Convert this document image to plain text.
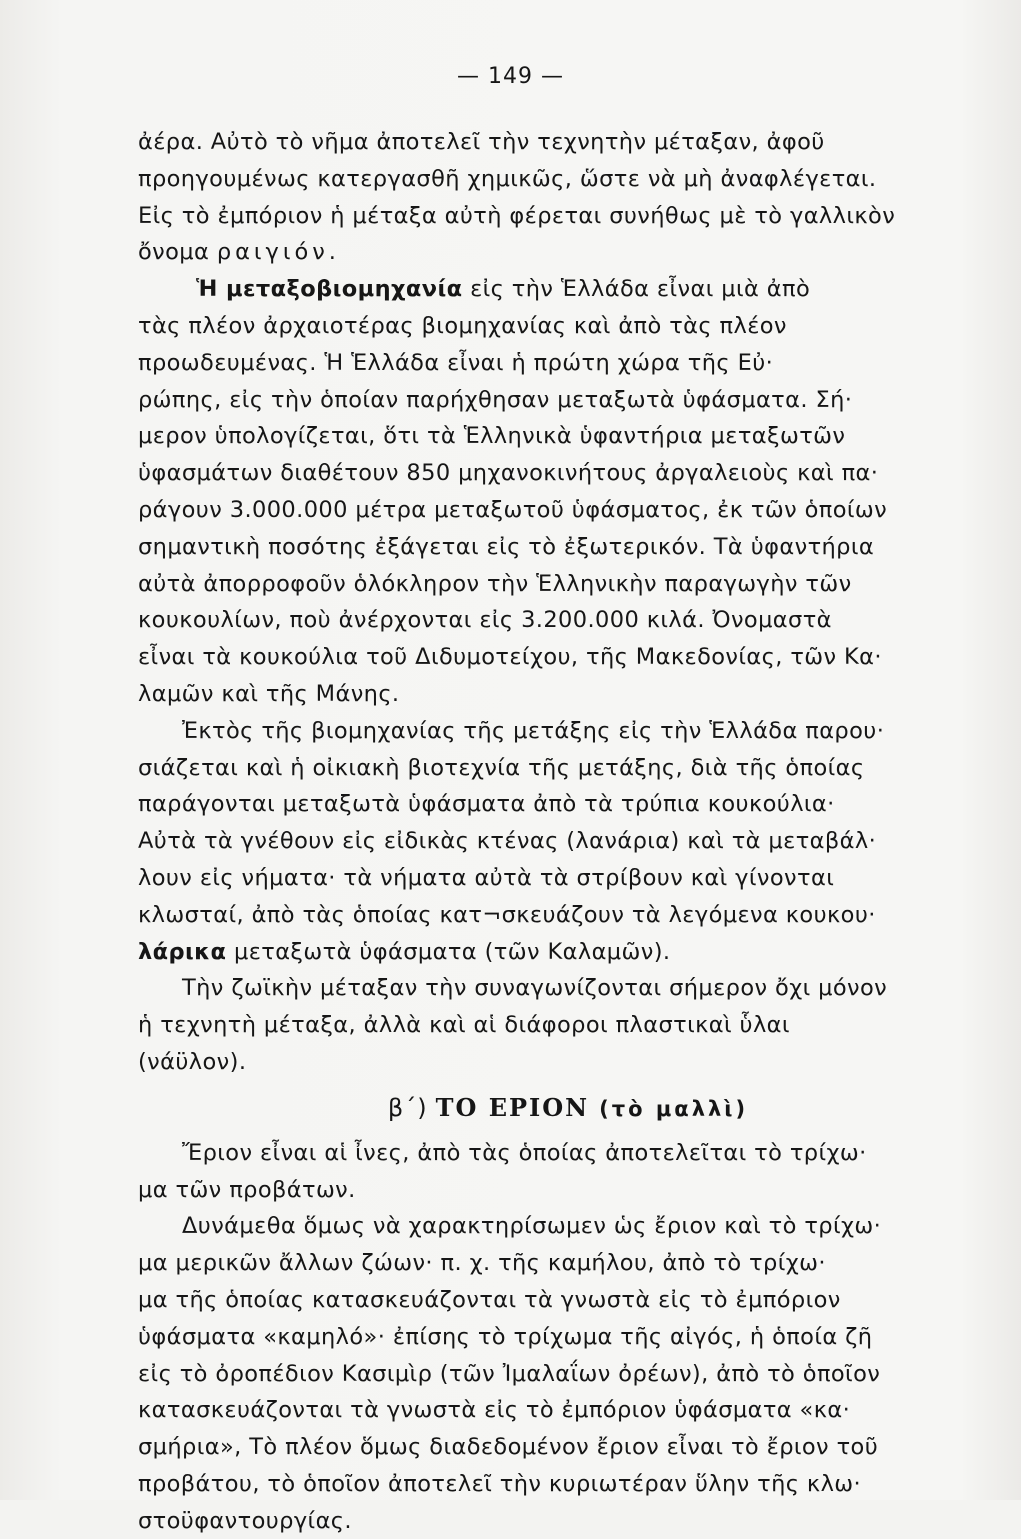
— 149 —
ἀέρα. Αὐτὸ τὸ νῆμα ἀποτελεῖ τὴν τεχνητὴν μέταξαν, ἀφοῦ
προηγουμένως κατεργασθῆ χημικῶς, ὥστε νὰ μὴ ἀναφλέγεται.
Εἰς τὸ ἐμπόριον ἡ μέταξα αὐτὴ φέρεται συνήθως μὲ τὸ γαλλικὸν
ὄνομα ραιγιόν.
Ἡ μεταξοβιομηχανία εἰς τὴν Ἑλλάδα εἶναι μιὰ ἀπὸ
τὰς πλέον ἀρχαιοτέρας βιομηχανίας καὶ ἀπὸ τὰς πλέον
προωδευμένας. Ἡ Ἑλλάδα εἶναι ἡ πρώτη χώρα τῆς Εὐ·
ρώπης, εἰς τὴν ὁποίαν παρήχθησαν μεταξωτὰ ὑφάσματα. Σή·
μερον ὑπολογίζεται, ὅτι τὰ Ἑλληνικὰ ὑφαντήρια μεταξωτῶν
ὑφασμάτων διαθέτουν 850 μηχανοκινήτους ἀργαλειοὺς καὶ πα·
ράγουν 3.000.000 μέτρα μεταξωτοῦ ὑφάσματος, ἐκ τῶν ὁποίων
σημαντικὴ ποσότης ἐξάγεται εἰς τὸ ἐξωτερικόν. Τὰ ὑφαντήρια
αὐτὰ ἀπορροφοῦν ὁλόκληρον τὴν Ἑλληνικὴν παραγωγὴν τῶν
κουκουλίων, ποὺ ἀνέρχονται εἰς 3.200.000 κιλά. Ὀνομαστὰ
εἶναι τὰ κουκούλια τοῦ Διδυμοτείχου, τῆς Μακεδονίας, τῶν Κα·
λαμῶν καὶ τῆς Μάνης.
Ἐκτὸς τῆς βιομηχανίας τῆς μετάξης εἰς τὴν Ἑλλάδα παρου·
σιάζεται καὶ ἡ οἰκιακὴ βιοτεχνία τῆς μετάξης, διὰ τῆς ὁποίας
παράγονται μεταξωτὰ ὑφάσματα ἀπὸ τὰ τρύπια κουκούλια·
Αὐτὰ τὰ γνέθουν εἰς εἰδικὰς κτένας (λανάρια) καὶ τὰ μεταβάλ·
λουν εἰς νήματα· τὰ νήματα αὐτὰ τὰ στρίβουν καὶ γίνονται
κλωσταί, ἀπὸ τὰς ὁποίας κατ¬σκευάζουν τὰ λεγόμενα κουκου·
λάρικα μεταξωτὰ ὑφάσματα (τῶν Καλαμῶν).
Τὴν ζωϊκὴν μέταξαν τὴν συναγωνίζονται σήμερον ὄχι μόνον
ἡ τεχνητὴ μέταξα, ἀλλὰ καὶ αἱ διάφοροι πλαστικαὶ ὗλαι
(νάϋλον).
β΄) ΤΟ ΕΡΙΟΝ (τὸ μαλλὶ)
Ἔριον εἶναι αἱ ἶνες, ἀπὸ τὰς ὁποίας ἀποτελεῖται τὸ τρίχω·
μα τῶν προβάτων.
Δυνάμεθα ὅμως νὰ χαρακτηρίσωμεν ὡς ἔριον καὶ τὸ τρίχω·
μα μερικῶν ἄλλων ζώων· π. χ. τῆς καμήλου, ἀπὸ τὸ τρίχω·
μα τῆς ὁποίας κατασκευάζονται τὰ γνωστὰ εἰς τὸ ἐμπόριον
ὑφάσματα «καμηλό»· ἐπίσης τὸ τρίχωμα τῆς αἰγός, ἡ ὁποία ζῆ
εἰς τὸ ὀροπέδιον Κασιμὶρ (τῶν Ἰμαλαΐων ὀρέων), ἀπὸ τὸ ὁποῖον
κατασκευάζονται τὰ γνωστὰ εἰς τὸ ἐμπόριον ὑφάσματα «κα·
σμήρια», Τὸ πλέον ὅμως διαδεδομένον ἔριον εἶναι τὸ ἔριον τοῦ
προβάτου, τὸ ὁποῖον ἀποτελεῖ τὴν κυριωτέραν ὕλην τῆς κλω·
στοϋφαντουργίας.
